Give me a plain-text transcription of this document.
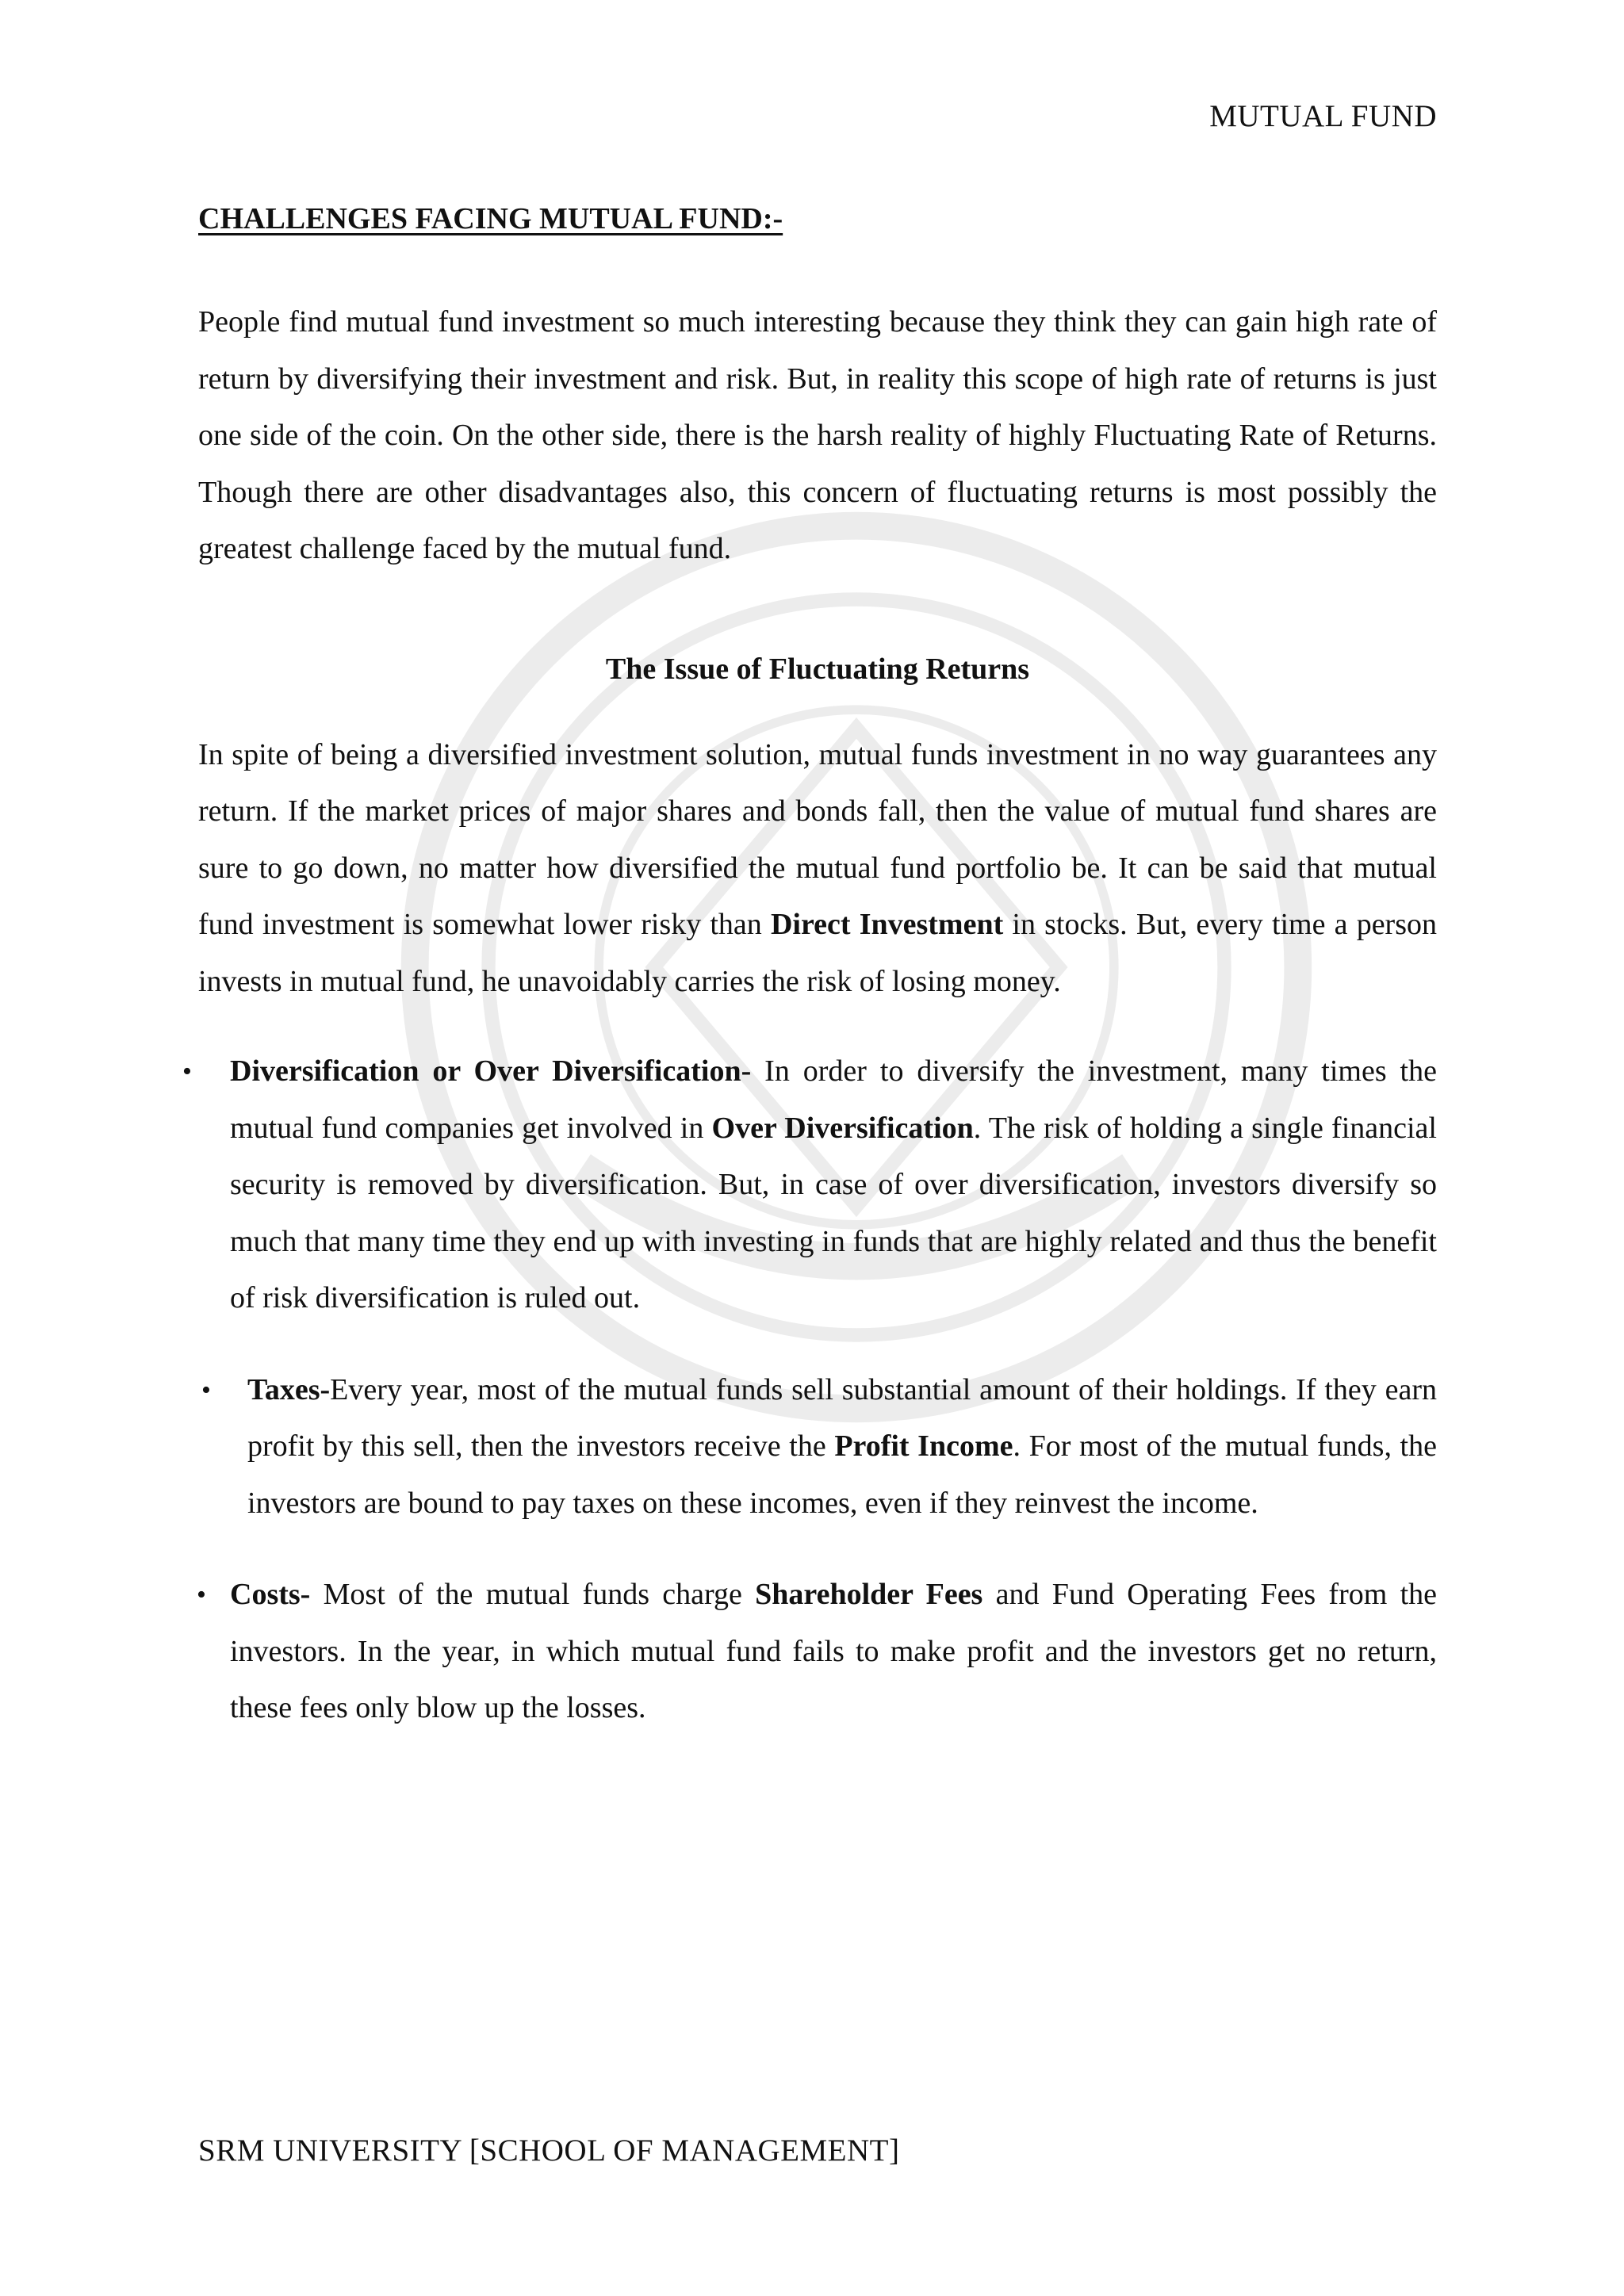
MUTUAL FUND
CHALLENGES FACING MUTUAL FUND:-

People find mutual fund investment so much interesting because they think they can gain high rate of return by diversifying their investment and risk. But, in reality this scope of high rate of returns is just one side of the coin. On the other side, there is the harsh reality of highly Fluctuating Rate of Returns. Though there are other disadvantages also, this concern of fluctuating returns is most possibly the greatest challenge faced by the mutual fund.

The Issue of Fluctuating Returns

In spite of being a diversified investment solution, mutual funds investment in no way guarantees any return. If the market prices of major shares and bonds fall, then the value of mutual fund shares are sure to go down, no matter how diversified the mutual fund portfolio be. It can be said that mutual fund investment is somewhat lower risky than Direct Investment in stocks. But, every time a person invests in mutual fund, he unavoidably carries the risk of losing money.

• Diversification or Over Diversification- In order to diversify the investment, many times the mutual fund companies get involved in Over Diversification. The risk of holding a single financial security is removed by diversification. But, in case of over diversification, investors diversify so much that many time they end up with investing in funds that are highly related and thus the benefit of risk diversification is ruled out.
• Taxes-Every year, most of the mutual funds sell substantial amount of their holdings. If they earn profit by this sell, then the investors receive the Profit Income. For most of the mutual funds, the investors are bound to pay taxes on these incomes, even if they reinvest the income.
• Costs- Most of the mutual funds charge Shareholder Fees and Fund Operating Fees from the investors. In the year, in which mutual fund fails to make profit and the investors get no return, these fees only blow up the losses.
SRM UNIVERSITY [SCHOOL OF MANAGEMENT]
